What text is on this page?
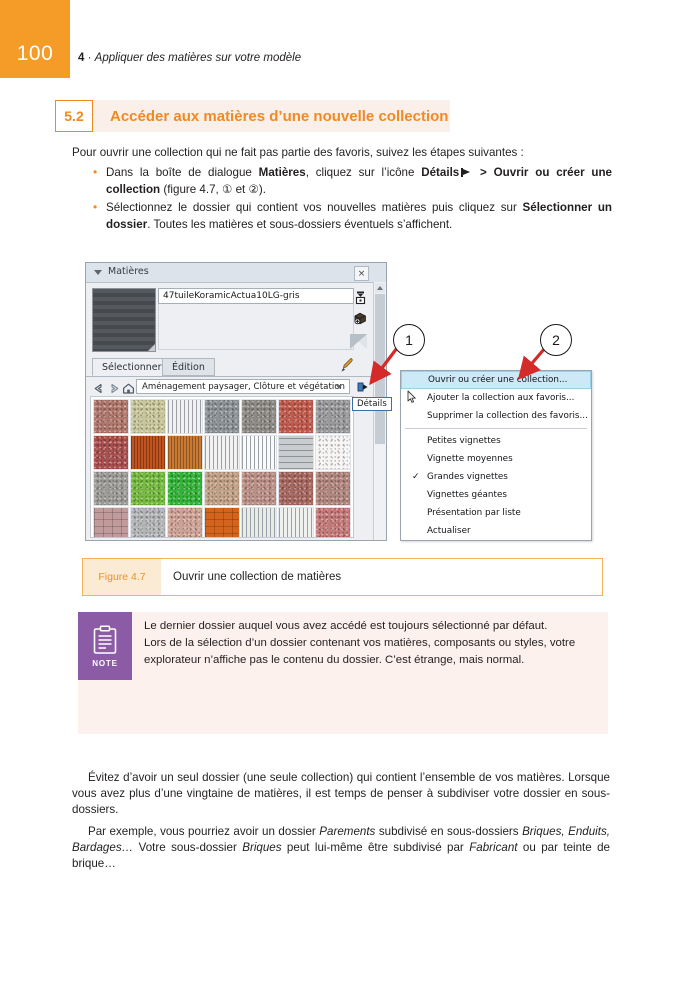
100	4 · Appliquer des matières sur votre modèle
5.2	Accéder aux matières d’une nouvelle collection
Pour ouvrir une collection qui ne fait pas partie des favoris, suivez les étapes suivantes :
• Dans la boîte de dialogue Matières, cliquez sur l’icône Détails > Ouvrir ou créer une collection (figure 4.7, ① et ②).
• Sélectionnez le dossier qui contient vos nouvelles matières puis cliquez sur Sélectionner un dossier. Toutes les matières et sous-dossiers éventuels s’affichent.
Matières	×
47tuileKoramicActua10LG-gris
Sélectionner	Édition
Aménagement paysager, Clôture et végétation
Détails
Ouvrir ou créer une collection...
Ajouter la collection aux favoris...
Supprimer la collection des favoris...
Petites vignettes
Vignette moyennes
✓ Grandes vignettes
Vignettes géantes
Présentation par liste
Actualiser
1	2
Figure 4.7	Ouvrir une collection de matières
NOTE
Le dernier dossier auquel vous avez accédé est toujours sélectionné par défaut.
Lors de la sélection d’un dossier contenant vos matières, composants ou styles, votre explorateur n’affiche pas le contenu du dossier. C’est étrange, mais normal.
Évitez d’avoir un seul dossier (une seule collection) qui contient l’ensemble de vos matières. Lorsque vous avez plus d’une vingtaine de matières, il est temps de penser à subdiviser votre dossier en sous-dossiers.
Par exemple, vous pourriez avoir un dossier Parements subdivisé en sous-dossiers Briques, Enduits, Bardages… Votre sous-dossier Briques peut lui-même être subdivisé par Fabricant ou par teinte de brique…
